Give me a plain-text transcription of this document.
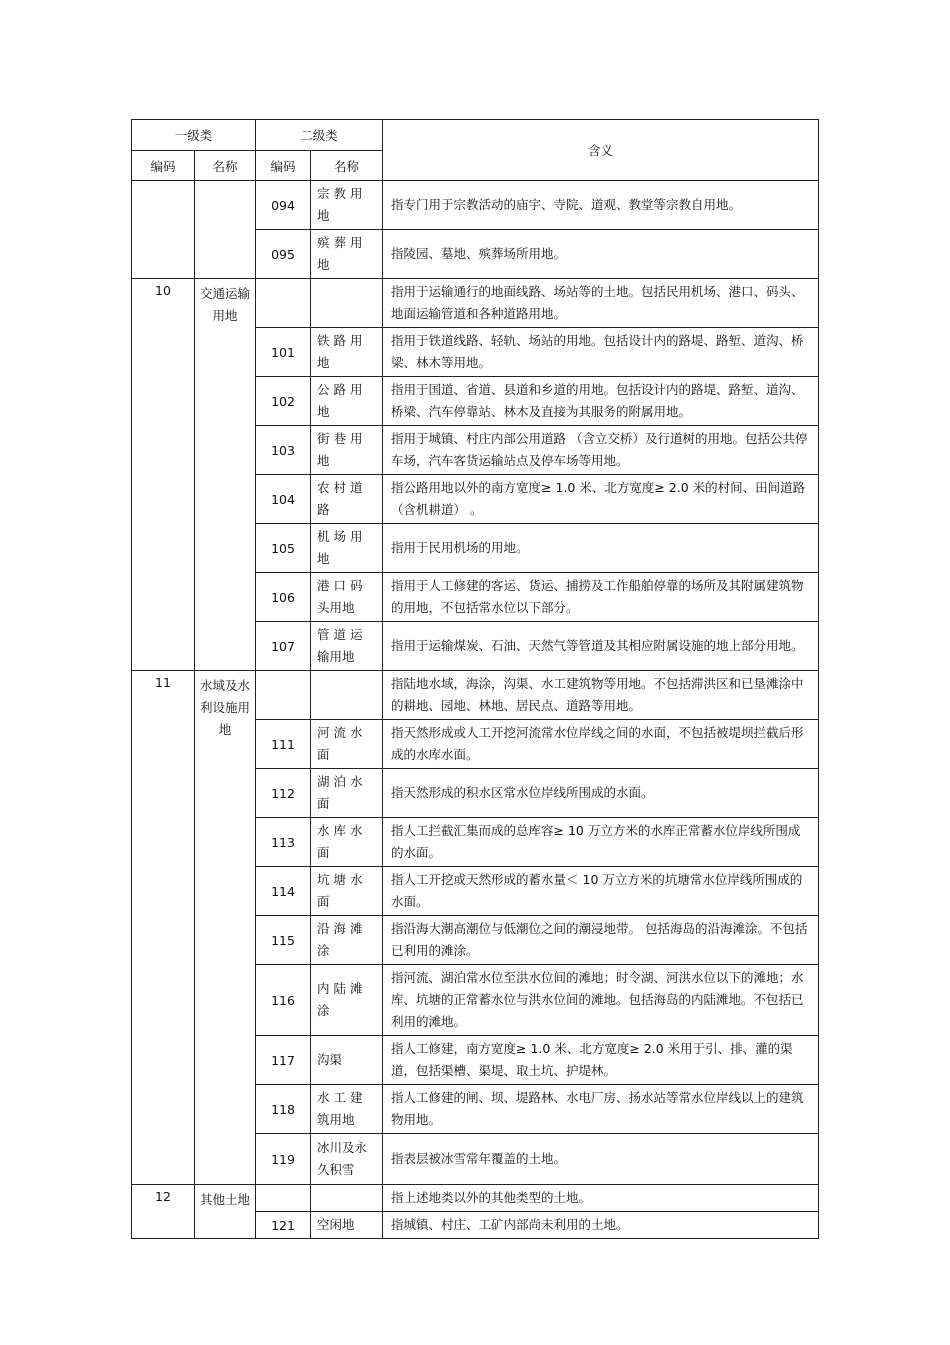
一级类		二级类		含义
编码	名称	编码	名称	
		094	宗 教 用 地	指专门用于宗教活动的庙宇、寺院、道观、教堂等宗教自用地。
		095	殡 葬 用 地	指陵园、墓地、殡葬场所用地。
10	交通运输用地			指用于运输通行的地面线路、场站等的土地。包括民用机场、港口、码头、地面运输管道和各种道路用地。
		101	铁 路 用 地	指用于铁道线路、轻轨、场站的用地。包括设计内的路堤、路堑、道沟、桥梁、林木等用地。
		102	公 路 用 地	指用于国道、省道、县道和乡道的用地。包括设计内的路堤、路堑、道沟、桥梁、汽车停靠站、林木及直接为其服务的附属用地。
		103	街 巷 用 地	指用于城镇、村庄内部公用道路 （含立交桥）及行道树的用地。包括公共停车场，汽车客货运输站点及停车场等用地。
		104	农 村 道 路	指公路用地以外的南方宽度≥ 1.0 米、北方宽度≥ 2.0 米的村间、田间道路（含机耕道） 。
		105	机 场 用 地	指用于民用机场的用地。
		106	港 口 码 头用地	指用于人工修建的客运、货运、捕捞及工作船舶停靠的场所及其附属建筑物的用地，不包括常水位以下部分。
		107	管 道 运 输用地	指用于运输煤炭、石油、天然气等管道及其相应附属设施的地上部分用地。
11	水域及水利设施用地			指陆地水域，海涂，沟渠、水工建筑物等用地。不包括滞洪区和已垦滩涂中的耕地、园地、林地、居民点、道路等用地。
		111	河 流 水 面	指天然形成或人工开挖河流常水位岸线之间的水面，不包括被堤坝拦截后形成的水库水面。
		112	湖 泊 水 面	指天然形成的积水区常水位岸线所围成的水面。
		113	水 库 水 面	指人工拦截汇集而成的总库容≥ 10 万立方米的水库正常蓄水位岸线所围成的水面。
		114	坑 塘 水 面	指人工开挖或天然形成的蓄水量＜ 10 万立方米的坑塘常水位岸线所围成的水面。
		115	沿 海 滩 涂	指沿海大潮高潮位与低潮位之间的潮浸地带。 包括海岛的沿海滩涂。不包括已利用的滩涂。
		116	内 陆 滩 涂	指河流、湖泊常水位至洪水位间的滩地；时令湖、河洪水位以下的滩地；水库、坑塘的正常蓄水位与洪水位间的滩地。包括海岛的内陆滩地。不包括已利用的滩地。
		117	沟渠	指人工修建，南方宽度≥ 1.0 米、北方宽度≥ 2.0 米用于引、排、灌的渠道，包括渠槽、渠堤、取土坑、护堤林。
		118	水 工 建 筑用地	指人工修建的闸、坝、堤路林、水电厂房、扬水站等常水位岸线以上的建筑物用地。
		119	冰川及永久积雪	指表层被冰雪常年覆盖的土地。
12	其他土地			指上述地类以外的其他类型的土地。
		121	空闲地	指城镇、村庄、工矿内部尚未利用的土地。
